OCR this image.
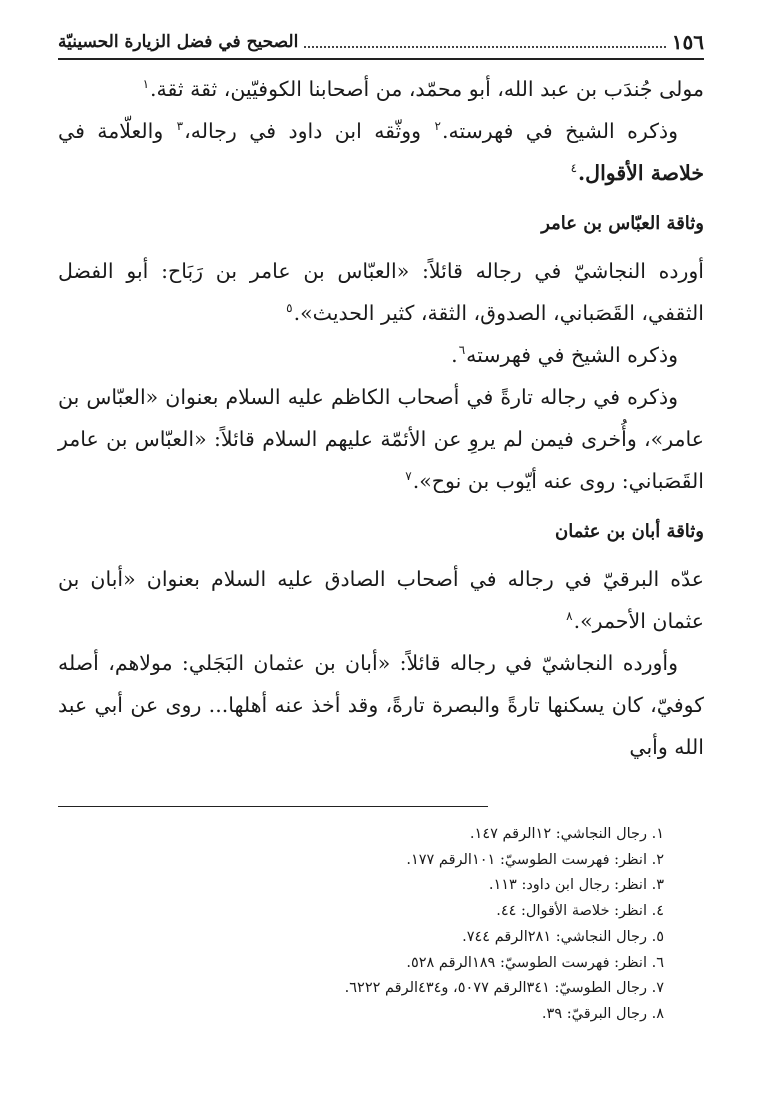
١٥٦
الصحيح في فضل الزيارة الحسينيّة

مولى جُندَب بن عبد الله، أبو محمّد، من أصحابنا الكوفيّين، ثقة ثقة.$^١$

وذكره الشيخ في فهرسته.$^٢$ ووثّقه ابن داود في رجاله،$^٣$ والعلّامة في خلاصة الأقوال.$^٤$

وثاقة العبّاس بن عامر

أورده النجاشيّ في رجاله قائلاً: «العبّاس بن عامر بن رَبَاح: أبو الفضل الثقفي، القَصَباني، الصدوق، الثقة، كثير الحديث».$^٥$

وذكره الشيخ في فهرسته$^٦$.

وذكره في رجاله تارةً في أصحاب الكاظم عليه السلام بعنوان «العبّاس بن عامر»، وأُخرى فيمن لم يروِ عن الأئمّة عليهم السلام قائلاً: «العبّاس بن عامر القَصَباني: روى عنه أيّوب بن نوح».$^٧$

وثاقة أبان بن عثمان

عدّه البرقيّ في رجاله في أصحاب الصادق عليه السلام بعنوان «أبان بن عثمان الأحمر».$^٨$

وأورده النجاشيّ في رجاله قائلاً: «أبان بن عثمان البَجَلي: مولاهم، أصله كوفيّ، كان يسكنها تارةً والبصرة تارةً، وقد أخذ عنه أهلها... روى عن أبي عبد الله وأبي

١. رجال النجاشي: ١٢الرقم ١٤٧.
٢. انظر: فهرست الطوسيّ: ١٠١الرقم ١٧٧.
٣. انظر: رجال ابن داود: ١١٣.
٤. انظر: خلاصة الأقوال: ٤٤.
٥. رجال النجاشي: ٢٨١الرقم ٧٤٤.
٦. انظر: فهرست الطوسيّ: ١٨٩الرقم ٥٢٨.
٧. رجال الطوسيّ: ٣٤١الرقم ٥٠٧٧، و٤٣٤الرقم ٦٢٢٢.
٨. رجال البرقيّ: ٣٩.
